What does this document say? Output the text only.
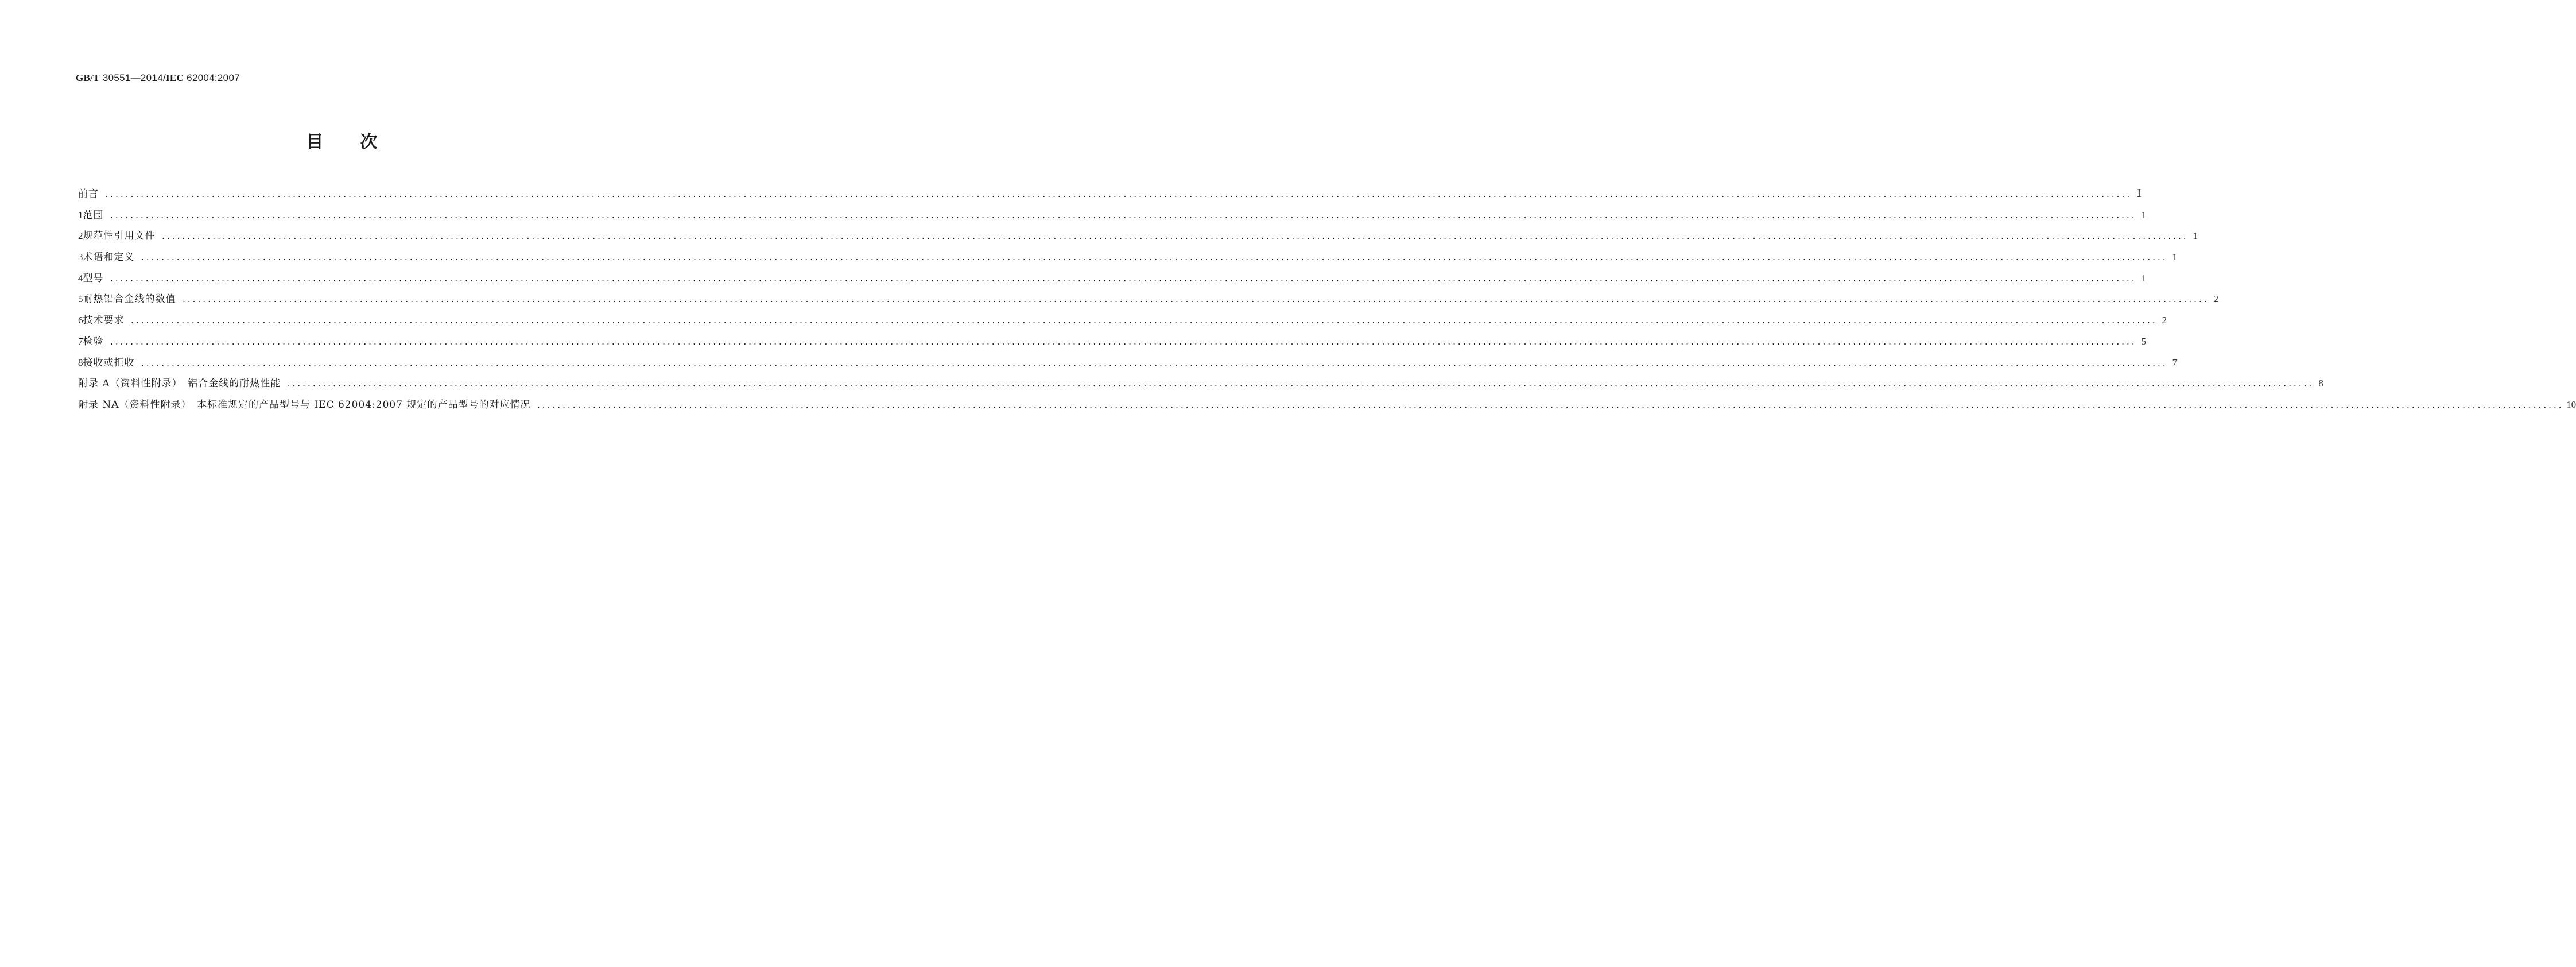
GB/T 30551—2014/IEC 62004:2007
目 次
前言 ................................................................................................................................................................................................................................................................................................................................................................................................................ Ⅰ
1 范围 ................................................................................................................................................................................................................................................................................................................................................................................................................ 1
2 规范性引用文件 ................................................................................................................................................................................................................................................................................................................................................................................................................ 1
3 术语和定义 ................................................................................................................................................................................................................................................................................................................................................................................................................ 1
4 型号 ................................................................................................................................................................................................................................................................................................................................................................................................................ 1
5 耐热铝合金线的数值 ................................................................................................................................................................................................................................................................................................................................................................................................................ 2
6 技术要求 ................................................................................................................................................................................................................................................................................................................................................................................................................ 2
7 检验 ................................................................................................................................................................................................................................................................................................................................................................................................................ 5
8 接收或拒收 ................................................................................................................................................................................................................................................................................................................................................................................................................ 7
附录 A（资料性附录）　铝合金线的耐热性能 ................................................................................................................................................................................................................................................................................................................................................................................................................ 8
附录 NA（资料性附录）　本标准规定的产品型号与 IEC 62004:2007 规定的产品型号的对应情况 ................................................................................................................................................................................................................................................................................................................................................................................................................ 10
